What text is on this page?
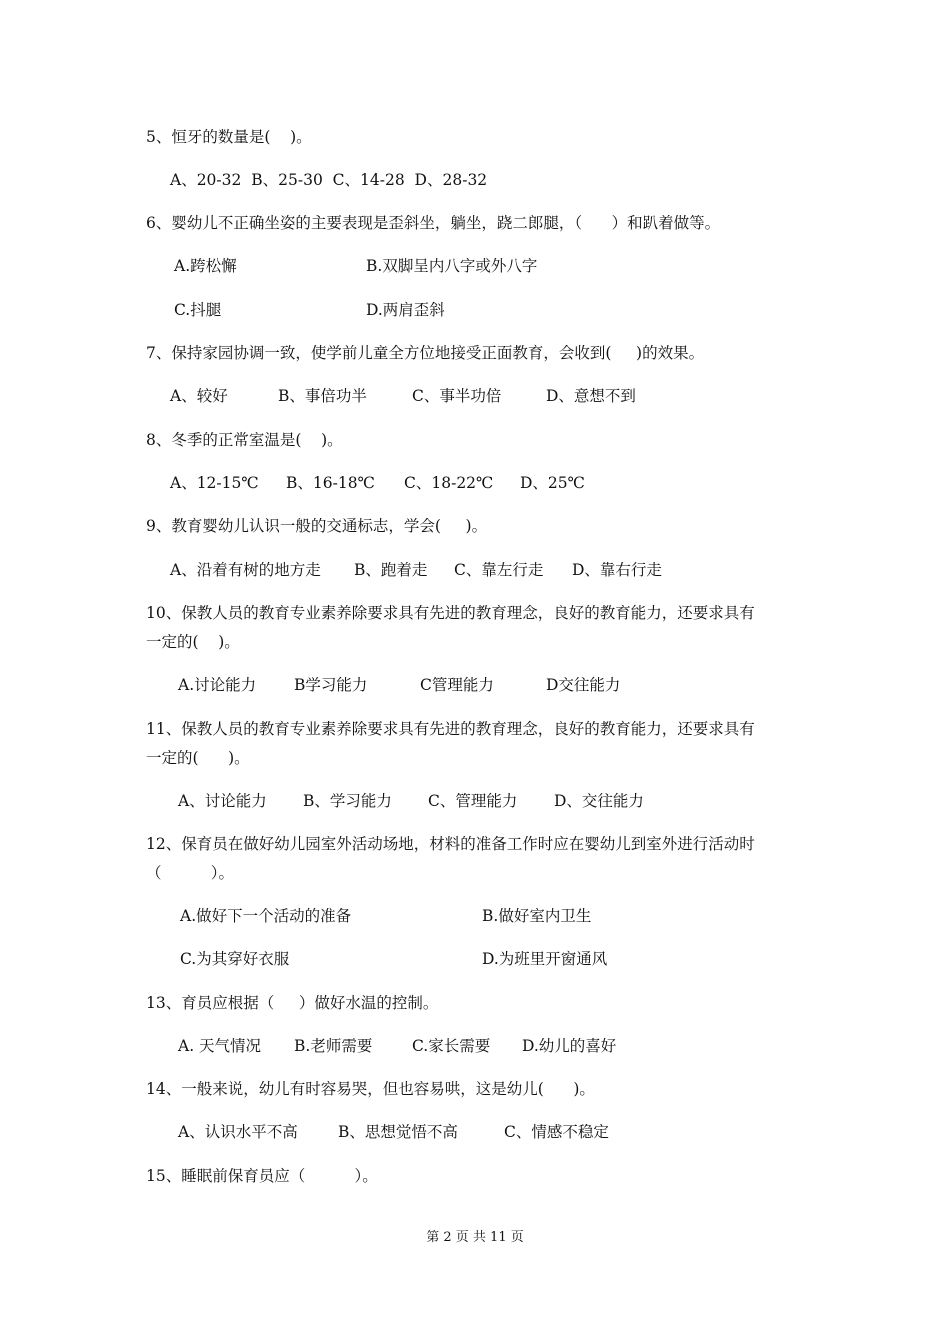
5、恒牙的数量是(    )。
A、20-32  B、25-30  C、14-28  D、28-32
6、婴幼儿不正确坐姿的主要表现是歪斜坐，躺坐，跷二郎腿，（      ）和趴着做等。
A.跨松懈	B.双脚呈内八字或外八字
C.抖腿	D.两肩歪斜
7、保持家园协调一致，使学前儿童全方位地接受正面教育，会收到(     )的效果。
A、较好	B、事倍功半	C、事半功倍	D、意想不到
8、冬季的正常室温是(    )。
A、12-15℃ B、16-18℃ C、18-22℃ D、25℃
9、教育婴幼儿认识一般的交通标志，学会(     )。
A、沿着有树的地方走 B、跑着走 C、靠左行走 D、靠右行走
10、保教人员的教育专业素养除要求具有先进的教育理念，良好的教育能力，还要求具有
一定的(    )。
A.讨论能力 B学习能力	C管理能力	D交往能力
11、保教人员的教育专业素养除要求具有先进的教育理念，良好的教育能力，还要求具有
一定的(      )。
A、讨论能力 B、学习能力 C、管理能力 D、交往能力
12、保育员在做好幼儿园室外活动场地，材料的准备工作时应在婴幼儿到室外进行活动时
（          ）。
A.做好下一个活动的准备	B.做好室内卫生
C.为其穿好衣服	D.为班里开窗通风
13、育员应根据（     ）做好水温的控制。
A. 天气情况 B.老师需要	C.家长需要 D.幼儿的喜好
14、一般来说，幼儿有时容易哭，但也容易哄，这是幼儿(      )。
A、认识水平不高	B、思想觉悟不高	C、情感不稳定
15、睡眠前保育员应（          ）。
第 2 页 共 11 页
